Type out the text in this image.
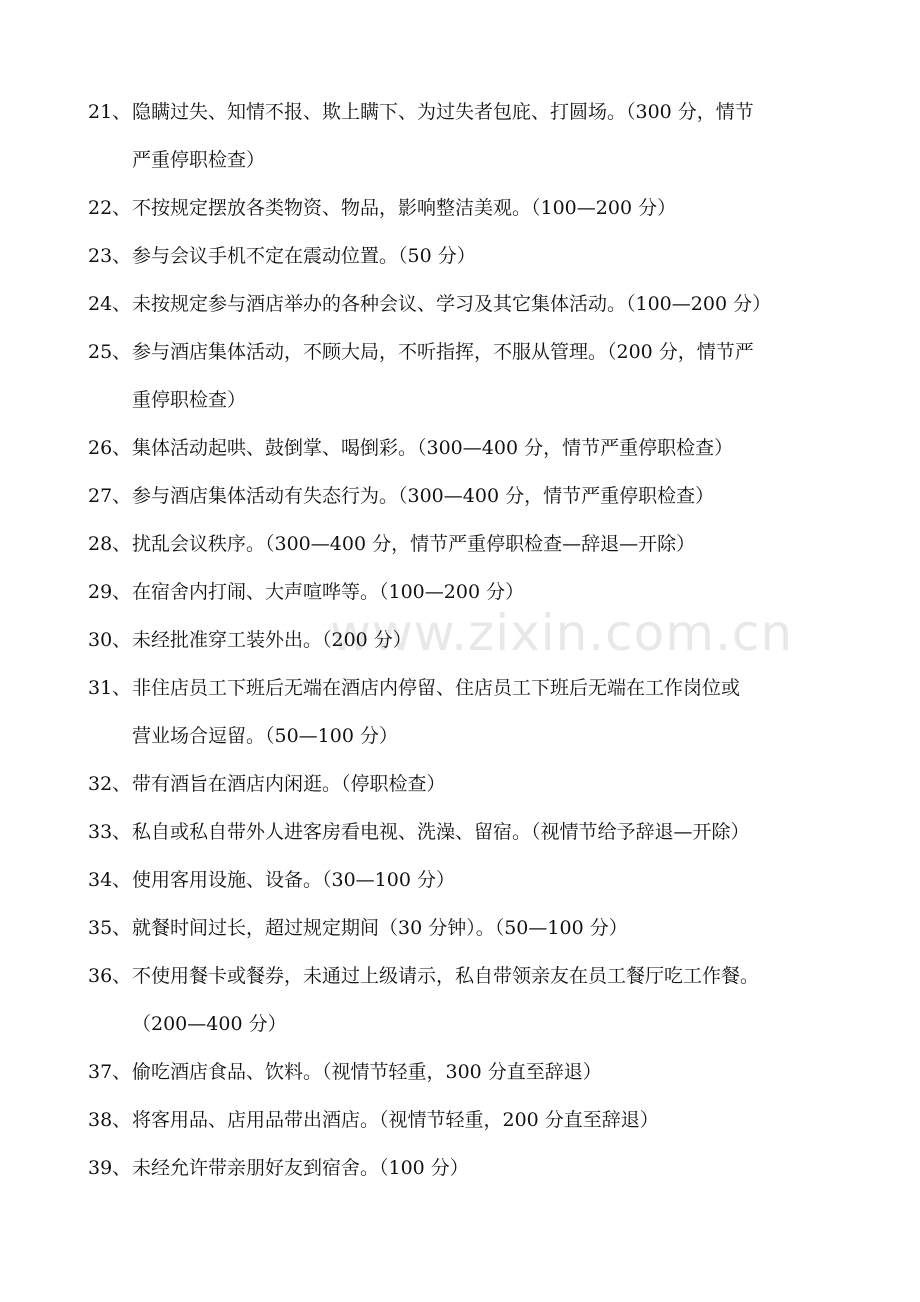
www.zixin.com.cn
21、隐瞒过失、知情不报、欺上瞒下、为过失者包庇、打圆场。（300 分，情节
严重停职检查）
22、不按规定摆放各类物资、物品，影响整洁美观。（100—200 分）
23、参与会议手机不定在震动位置。（50 分）
24、未按规定参与酒店举办的各种会议、学习及其它集体活动。（100—200 分）
25、参与酒店集体活动，不顾大局，不听指挥，不服从管理。（200 分，情节严
重停职检查）
26、集体活动起哄、鼓倒掌、喝倒彩。（300—400 分，情节严重停职检查）
27、参与酒店集体活动有失态行为。（300—400 分，情节严重停职检查）
28、扰乱会议秩序。（300—400 分，情节严重停职检查—辞退—开除）
29、在宿舍内打闹、大声喧哗等。（100—200 分）
30、未经批准穿工装外出。（200 分）
31、非住店员工下班后无端在酒店内停留、住店员工下班后无端在工作岗位或
营业场合逗留。（50—100 分）
32、带有酒旨在酒店内闲逛。（停职检查）
33、私自或私自带外人进客房看电视、洗澡、留宿。（视情节给予辞退—开除）
34、使用客用设施、设备。（30—100 分）
35、就餐时间过长，超过规定期间（30 分钟）。（50—100 分）
36、不使用餐卡或餐券，未通过上级请示，私自带领亲友在员工餐厅吃工作餐。
（200—400 分）
37、偷吃酒店食品、饮料。（视情节轻重，300 分直至辞退）
38、将客用品、店用品带出酒店。（视情节轻重，200 分直至辞退）
39、未经允许带亲朋好友到宿舍。（100 分）
